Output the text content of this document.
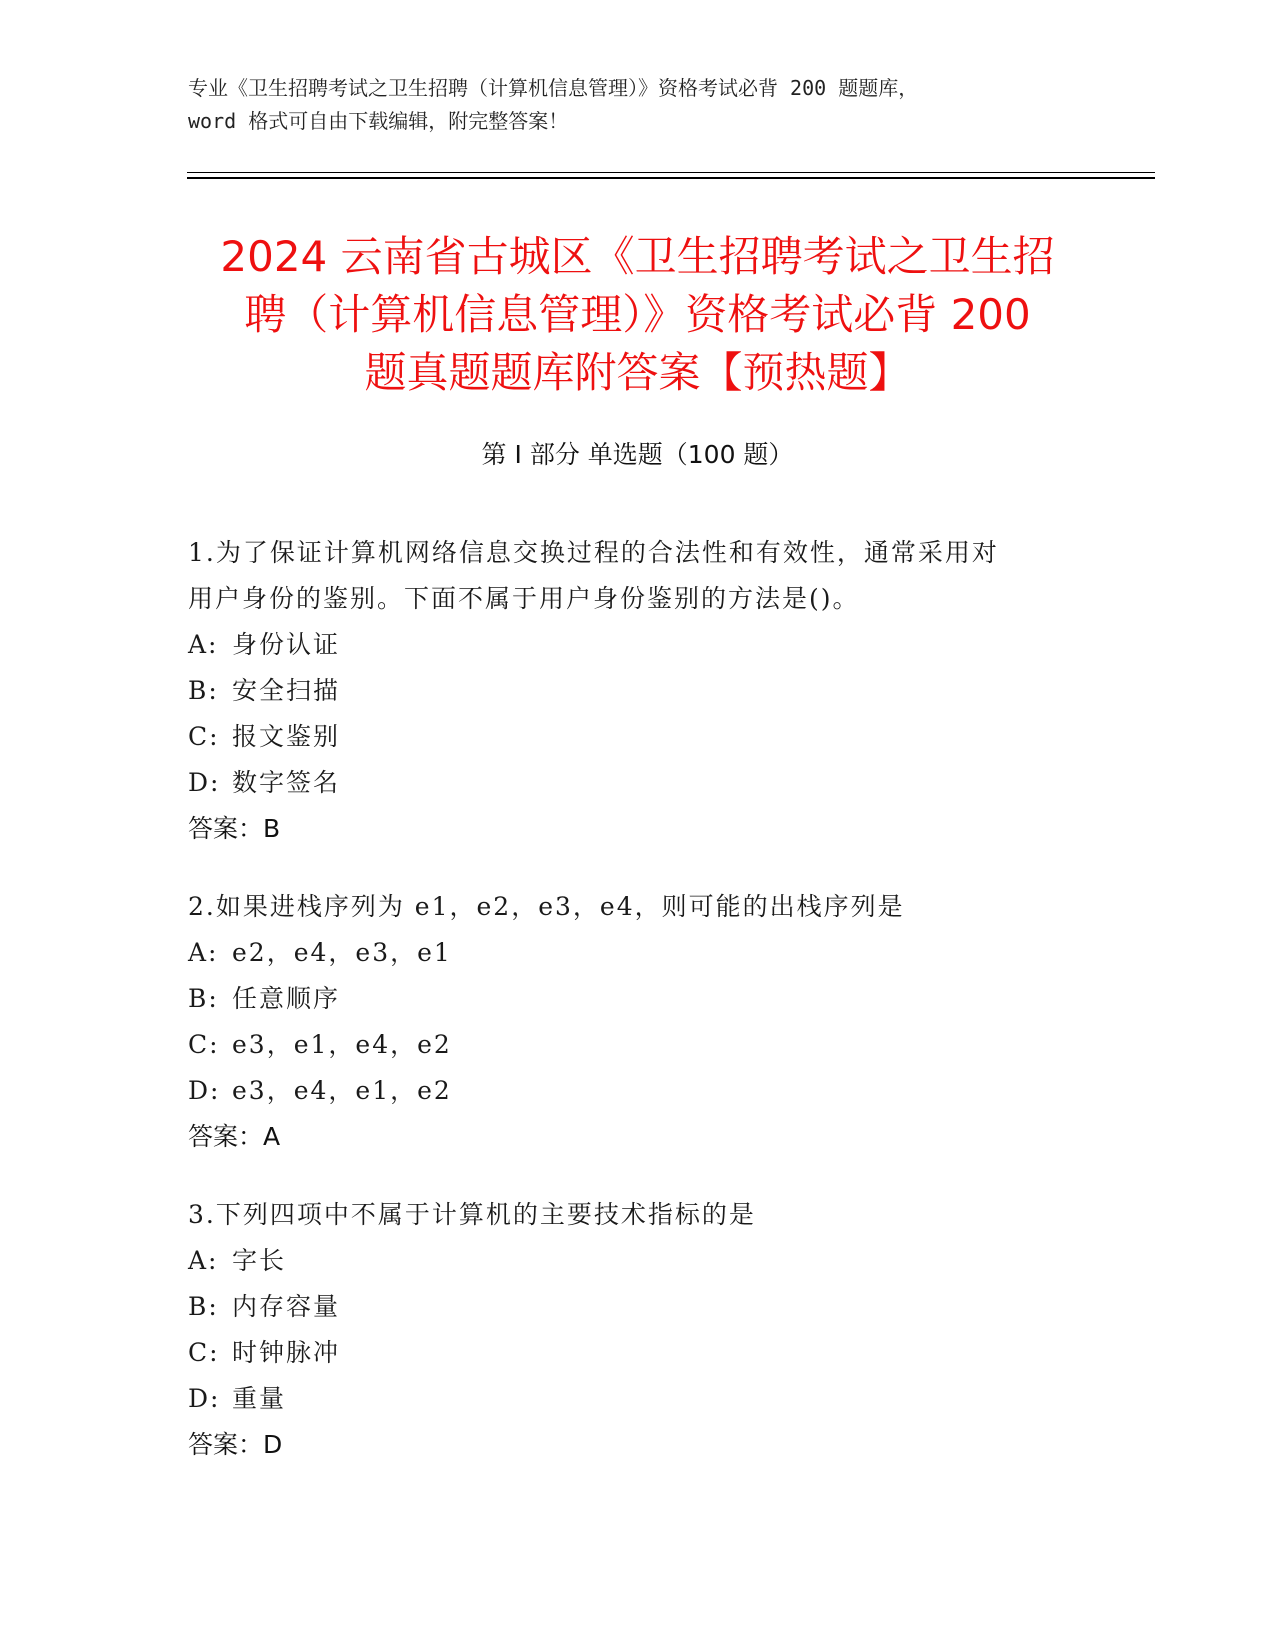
专业《卫生招聘考试之卫生招聘（计算机信息管理）》资格考试必背 200 题题库，
word 格式可自由下载编辑，附完整答案！
2024 云南省古城区《卫生招聘考试之卫生招
聘（计算机信息管理）》资格考试必背 200
题真题题库附答案【预热题】
第 I 部分 单选题（100 题）
1.为了保证计算机网络信息交换过程的合法性和有效性，通常采用对
用户身份的鉴别。下面不属于用户身份鉴别的方法是()。
A: 身份认证
B: 安全扫描
C: 报文鉴别
D: 数字签名
答案：B
2.如果进栈序列为 e1，e2，e3，e4，则可能的出栈序列是
A: e2，e4，e3，e1
B: 任意顺序
C: e3，e1，e4，e2
D: e3，e4，e1，e2
答案：A
3.下列四项中不属于计算机的主要技术指标的是
A: 字长
B: 内存容量
C: 时钟脉冲
D: 重量
答案：D
